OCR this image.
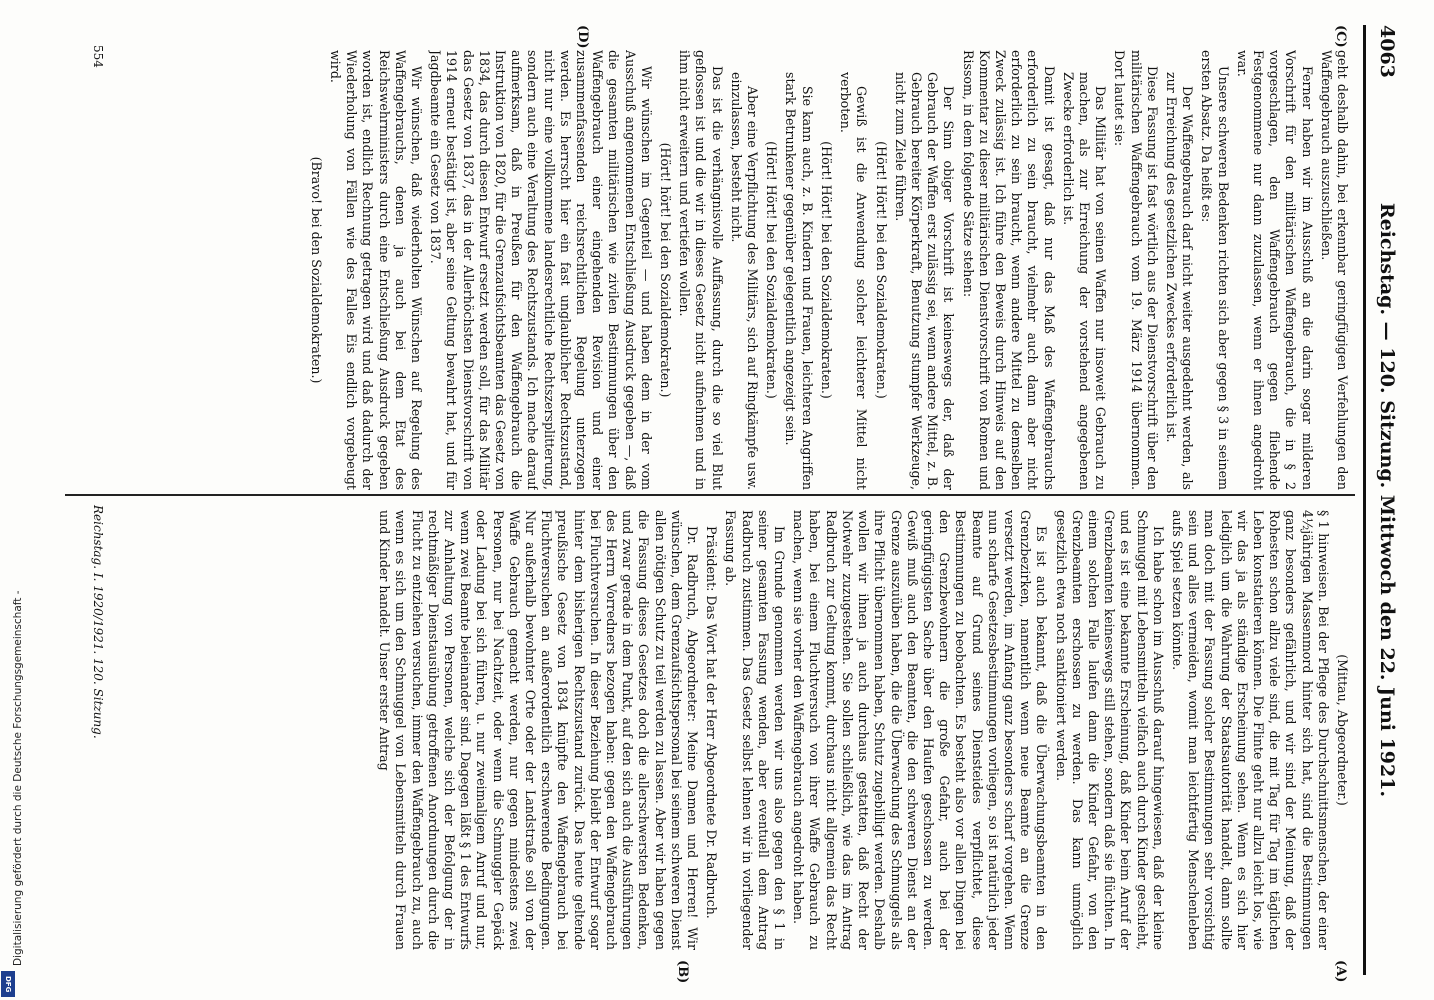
Digitalisierung gefördert durch die Deutsche Forschungsgemeinschaft -
DFG
4063
Reichstag. — 120. Sitzung. Mittwoch den 22. Juni 1921.

geht deshalb dahin, bei erkennbar geringfügigen Verfehlungen den Waffengebrauch auszuschließen.

Ferner haben wir im Ausschuß an die darin sogar milderen Vorschrift für den militärischen Waffengebrauch, die in § 2 vorgeschlagen, den Waffengebrauch gegen fliehende Festgenommene nur dann zuzulassen, wenn er ihnen angedroht war.

Unsere schweren Bedenken richten sich aber gegen § 3 in seinem ersten Absatz. Da heißt es:

Der Waffengebrauch darf nicht weiter ausgedehnt werden, als zur Erreichung des gesetzlichen Zweckes erforderlich ist.

Diese Fassung ist fast wörtlich aus der Dienstvorschrift über den militärischen Waffengebrauch vom 19. März 1914 übernommen. Dort lautet sie:

Das Militär hat von seinen Waffen nur insoweit Gebrauch zu machen, als zur Erreichung der vorstehend angegebenen Zwecke erforderlich ist.

Damit ist gesagt, daß nur das Maß des Waffengebrauchs erforderlich zu sein braucht, vielmehr auch dann aber nicht erforderlich zu sein braucht, wenn andere Mittel zu demselben Zweck zulässig ist. Ich führe den Beweis durch Hinweis auf den Kommentar zu dieser militärischen Dienstvorschrift von Romen und Rissom, in dem folgende Sätze stehen:

Der Sinn obiger Vorschrift ist keineswegs der, daß der Gebrauch der Waffen erst zulässig sei, wenn andere Mittel, z. B. Gebrauch bereiter Körperkraft, Benutzung stumpfer Werkzeuge, nicht zum Ziele führen.

(Hört! Hört! bei den Sozialdemokraten.)

Gewiß ist die Anwendung solcher leichterer Mittel nicht verboten.

(Hört! Hört! bei den Sozialdemokraten.)

Sie kann auch, z. B. Kindern und Frauen, leichteren Angriffen stark Betrunkener gegenüber gelegentlich angezeigt sein.

(Hört! Hört! bei den Sozialdemokraten.)

Aber eine Verpflichtung des Militärs, sich auf Ringkämpfe usw. einzulassen, besteht nicht.

Das ist die verhängnisvolle Auffassung, durch die so viel Blut geflossen ist und die wir in dieses Gesetz nicht aufnehmen und in ihm nicht erweitern und vertiefen wollen.

(Hört! hört! bei den Sozialdemokraten.)

Wir wünschen im Gegenteil — und haben dem in der vom Ausschuß angenommenen Entschließung Ausdruck gegeben —, daß die gesamten militärischen wie zivilen Bestimmungen über den Waffengebrauch einer eingehenden Revision und einer zusammenfassenden reichsrechtlichen Regelung unterzogen werden. Es herrscht hier ein fast unglaublicher Rechtszustand, nicht nur eine vollkommene landesrechtliche Rechtszersplitterung, sondern auch eine Veraltung des Rechtszustands. Ich mache darauf aufmerksam, daß in Preußen für den Waffengebrauch die Instruktion von 1820, für die Grenzaufsichtsbeamten das Gesetz von 1834, das durch diesen Entwurf ersetzt werden soll, für das Militär das Gesetz von 1837, das in der Allerhöchsten Dienstvorschrift von 1914 erneut bestätigt ist, aber seine Geltung bewahrt hat, und für Jagdbeamte ein Gesetz von 1837.

Wir wünschen, daß wiederholten Wünschen auf Regelung des Waffengebrauchs, denen ja auch bei dem Etat des Reichswehrministers durch eine Entschließung Ausdruck gegeben worden ist, endlich Rechnung getragen wird und daß dadurch der Wiederholung von Fällen wie des Falles Eis endlich vorgebeugt wird.

(Bravo! bei den Sozialdemokraten.)

(Mittau, Abgeordneter.)

§ 1 hinweisen. Bei der Pflege des Durchschnittsmenschen, der einer 4½jährigen Massenmord hinter sich hat, sind die Bestimmungen ganz besonders gefährlich, und wir sind der Meinung, daß der Rohesten schon allzu viele sind, die mit Tag für Tag im täglichen Leben konstatieren können. Die Flinte geht nur allzu leicht los, wie wir das ja als ständige Erscheinung sehen. Wenn es sich hier lediglich um die Wahrung der Staatsautorität handelt, dann sollte man doch mit der Fassung solcher Bestimmungen sehr vorsichtig sein und alles vermeiden, womit man leichtfertig Menschenleben aufs Spiel setzen könnte.

Ich habe schon im Ausschuß darauf hingewiesen, daß der kleine Schmuggel mit Lebensmitteln vielfach auch durch Kinder geschieht, und es ist eine bekannte Erscheinung, daß Kinder beim Anruf der Grenzbeamten keineswegs still stehen, sondern daß sie flüchten. In einem solchen Falle laufen dann die Kinder Gefahr, von den Grenzbeamten erschossen zu werden. Das kann unmöglich gesetzlich etwa noch sanktioniert werden.

Es ist auch bekannt, daß die Überwachungsbeamten in den Grenzbezirken, namentlich wenn neue Beamte an die Grenze versetzt werden, im Anfang ganz besonders scharf vorgehen. Wenn nun scharfe Gesetzesbestimmungen vorliegen, so ist natürlich jeder Beamte auf Grund seines Diensteides verpflichtet, diese Bestimmungen zu beobachten. Es besteht also vor allen Dingen bei den Grenzbewohnern die große Gefahr, auch bei der geringfügigsten Sache über den Haufen geschossen zu werden. Gewiß muß auch den Beamten, die den schweren Dienst an der Grenze auszuüben haben, die die Überwachung des Schmuggels als ihre Pflicht übernommen haben, Schutz zugebilligt werden. Deshalb wollen wir ihnen ja auch durchaus gestatten, daß Recht der Notwehr zuzugestehen. Sie sollen schließlich, wie das im Antrag Radbruch zur Geltung kommt, durchaus nicht allgemein das Recht haben, bei einem Fluchtversuch von ihrer Waffe Gebrauch zu machen, wenn sie vorher den Waffengebrauch angedroht haben.

Im Grunde genommen werden wir uns also gegen den § 1 in seiner gesamten Fassung wenden, aber eventuell dem Antrag Radbruch zustimmen. Das Gesetz selbst lehnen wir in vorliegender Fassung ab.

Präsident: Das Wort hat der Herr Abgeordnete Dr. Radbruch.

Dr. Radbruch, Abgeordneter: Meine Damen und Herren! Wir wünschen, dem Grenzaufsichtspersonal bei seinem schweren Dienst allen nötigen Schutz zu teil werden zu lassen. Aber wir haben gegen die Fassung dieses Gesetzes doch die allerschwersten Bedenken, und zwar gerade in dem Punkt, auf den sich auch die Ausführungen des Herrn Vorredners bezogen haben: gegen den Waffengebrauch bei Fluchtversuchen. In dieser Beziehung bleibt der Entwurf sogar hinter dem bisherigen Rechtszustand zurück. Das heute geltende preußische Gesetz von 1834 knüpfte den Waffengebrauch bei Fluchtversuchen an außerordentlich erschwerende Bedingungen. Nur außerhalb bewohnter Orte oder der Landstraße soll von der Waffe Gebrauch gemacht werden, nur gegen mindestens zwei Personen, nur bei Nachtzeit, oder wenn die Schmuggler Gepäck oder Ladung bei sich führen, u. nur zweimaligem Anruf und nur, wenn zwei Beamte beieinander sind. Dagegen läßt § 1 des Entwurfs zur Anhaltung von Personen, welche sich der Befolgung der in rechtmäßiger Dienstausübung getroffenen Anordnungen durch die Flucht zu entziehen versuchen, immer den Waffengebrauch zu, auch wenn es sich um den Schmuggel von Lebensmitteln durch Frauen und Kinder handelt. Unser erster Antrag

(C)
(D)
(A)
(B)
Reichstag. I. 1920/1921. 120. Sitzung.
554
